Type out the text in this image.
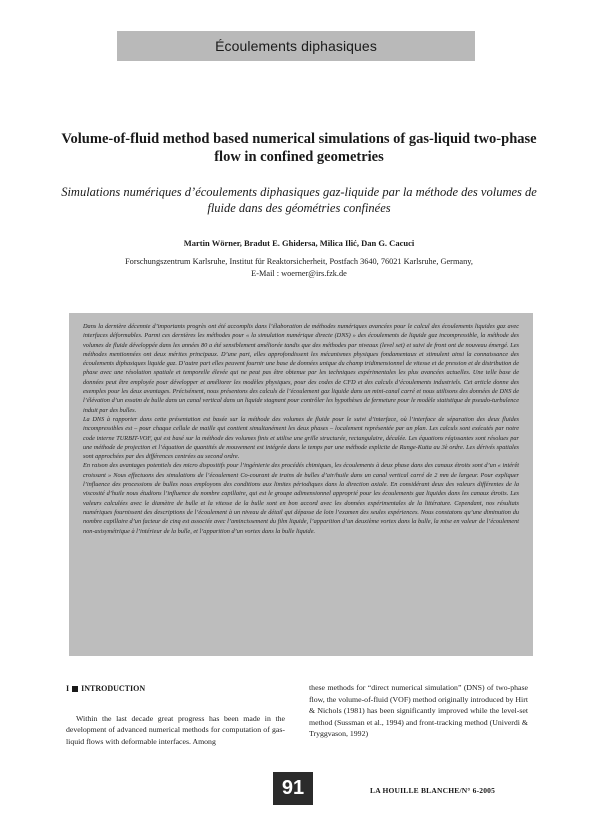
Écoulements diphasiques
Volume-of-fluid method based numerical simulations of gas-liquid two-phase flow in confined geometries
Simulations numériques d’écoulements diphasiques gaz-liquide par la méthode des volumes de fluide dans des géométries confinées
Martin Wörner, Bradut E. Ghidersa, Milica Ilić, Dan G. Cacuci
Forschungszentrum Karlsruhe, Institut für Reaktorsicherheit, Postfach 3640, 76021 Karlsruhe, Germany,
E-Mail : woerner@irs.fzk.de

Dans la dernière décennie d’importants progrès ont été accomplis dans l’élaboration de méthodes numériques avancées pour le calcul des écoulements liquides gaz avec interfaces déformables. Parmi ces dernières les méthodes pour « la simulation numérique directe (DNS) » des écoulements de liquide gaz incompressible, la méthode des volumes de fluide développée dans les années 80 a été sensiblement améliorée tandis que des méthodes par niveaux (level set) et suivi de front ont de nouveau émergé. Les méthodes mentionnées ont deux mérites principaux. D’une part, elles approfondissent les mécanismes physiques fondamentaux et stimulent ainsi la connaissance des écoulements diphasiques liquide gaz. D’autre part elles peuvent fournir une base de données unique du champ tridimensionnel de vitesse et de pression et de distribution de phase avec une résolution spatiale et temporelle élevée qui ne peut pas être obtenue par les techniques expérimentales les plus avancées actuelles. Une telle base de données peut être employée pour développer et améliorer les modèles physiques, pour des codes de CFD et des calculs d’écoulements industriels. Cet article donne des exemples pour les deux avantages. Précisément, nous présentons des calculs de l’écoulement gaz liquide dans un mini-canal carré et nous utilisons des données de DNS de l’élévation d’un essaim de bulle dans un canal vertical dans un liquide stagnant pour contrôler les hypothèses de fermeture pour le modèle statistique de pseudo-turbulence induit par des bulles.

La DNS à rapporter dans cette présentation est basée sur la méthode des volumes de fluide pour le suivi d’interface, où l’interface de séparation des deux fluides incompressibles est – pour chaque cellule de maille qui contient simultanément les deux phases – localement représentée par un plan. Les calculs sont exécutés par notre code interne TURBIT-VOF, qui est basé sur la méthode des volumes finis et utilise une grille structurée, rectangulaire, décalée. Les équations régissantes sont résolues par une méthode de projection et l’équation de quantités de mouvement est intégrée dans le temps par une méthode explicite de Runge-Kutta au 3è ordre. Les dérivés spatiales sont approchées par des différences centrées au second ordre.

En raison des avantages potentiels des micro dispositifs pour l’ingénierie des procédés chimiques, les écoulements à deux phase dans des canaux étroits sont d’un « intérêt croissant » Nous effectuons des simulations de l’écoulement Co-courant de trains de bulles d’air/huile dans un canal vertical carré de 2 mm de largeur. Pour expliquer l’influence des processions de bulles nous employons des conditions aux limites périodiques dans la direction axiale. En considérant deux des valeurs différentes de la viscosité d’huile nous étudions l’influence du nombre capillaire, qui est le groupe adimensionnel approprié pour les écoulements gaz liquides dans les canaux étroits. Les valeurs calculées avec le diamètre de bulle et la vitesse de la bulle sont en bon accord avec les données expérimentales de la littérature. Cependant, nos résultats numériques fournissent des descriptions de l’écoulement à un niveau de détail qui dépasse de loin l’examen des seules expériences. Nous constatons qu’une diminution du nombre capillaire d’un facteur de cinq est associée avec l’amincissement du film liquide, l’apparition d’un deuxième vortex dans la bulle, la mise en valeur de l’écoulement non-axisymétrique à l’intérieur de la bulle, et l’apparition d’un vortex dans la bulle liquide.

I INTRODUCTION

Within the last decade great progress has been made in the development of advanced numerical methods for computation of gas-liquid flows with deformable interfaces. Among

these methods for “direct numerical simulation” (DNS) of two-phase flow, the volume-of-fluid (VOF) method originally introduced by Hirt & Nichols (1981) has been significantly improved while the level-set method (Sussman et al., 1994) and front-tracking method (Univerdi & Tryggvason, 1992)

91	LA HOUILLE BLANCHE/N° 6-2005
